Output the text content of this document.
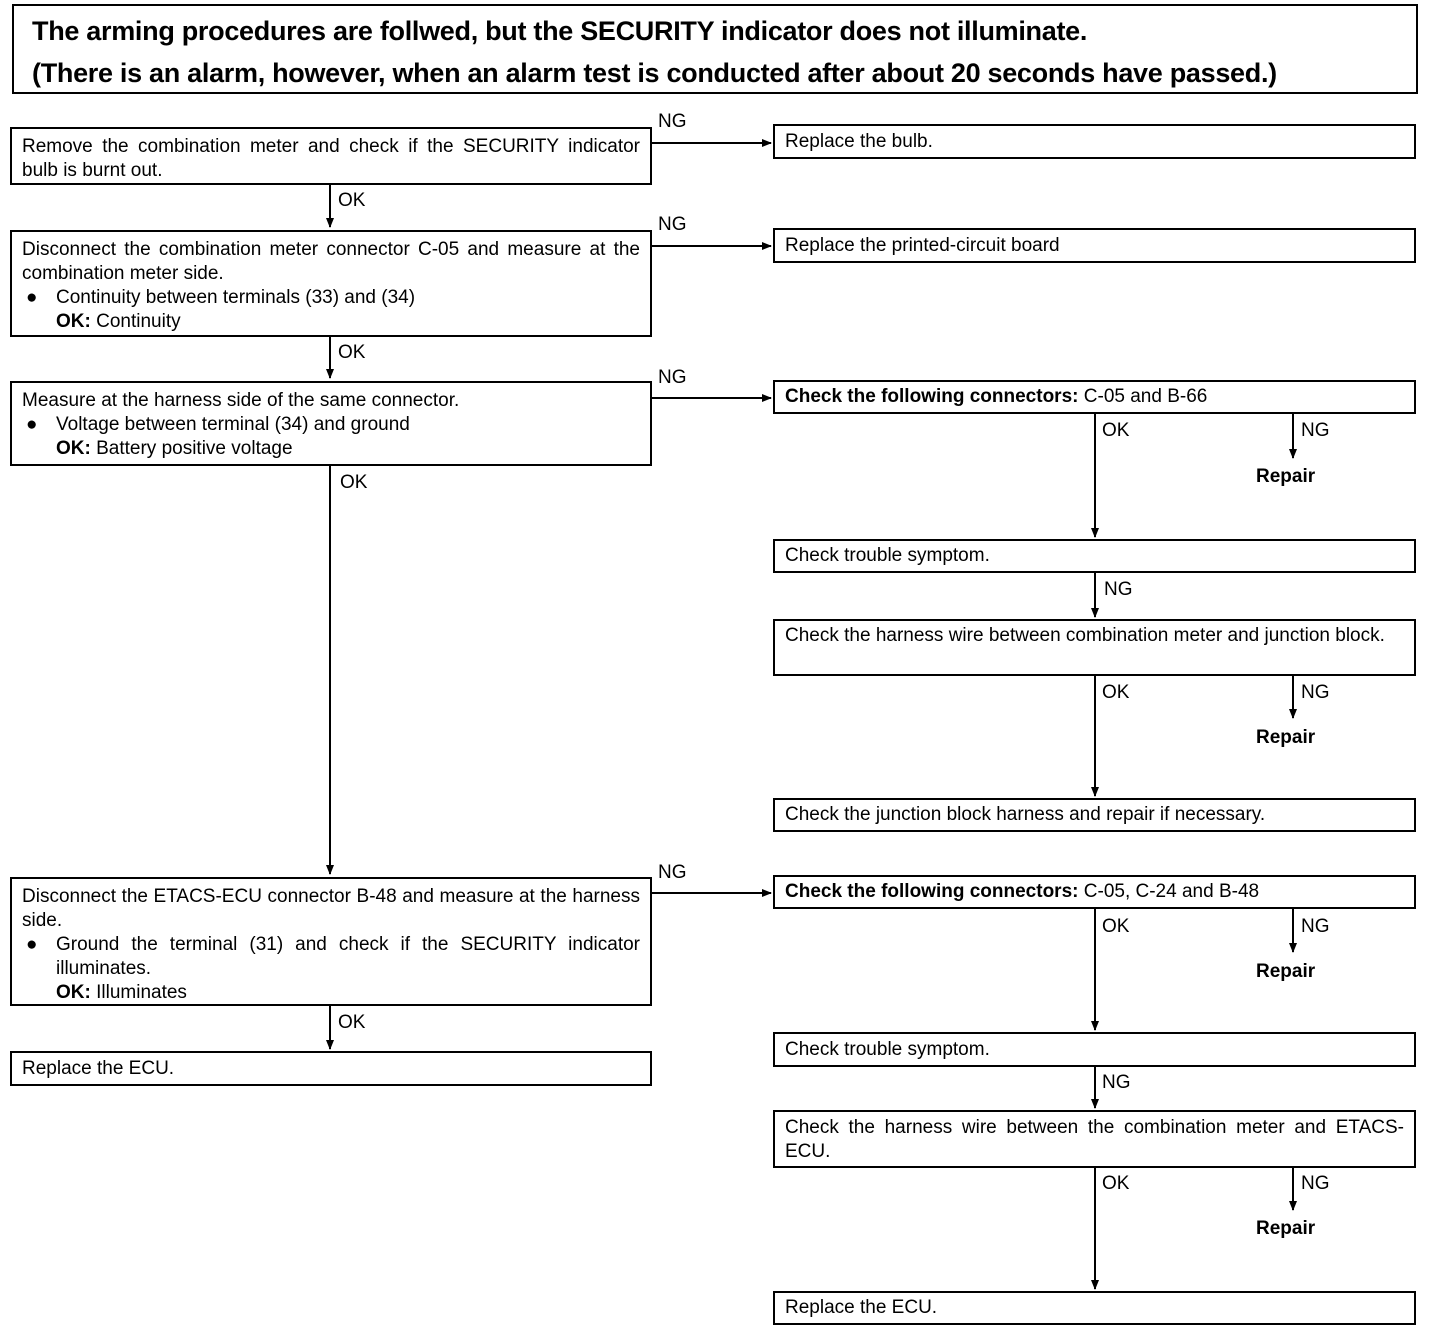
The arming procedures are follwed, but the SECURITY indicator does not illuminate.
(There is an alarm, however, when an alarm test is conducted after about 20 seconds have passed.)
Remove the combination meter and check if the SECURITY indicator bulb is burnt out.
Disconnect the combination meter connector C-05 and measure at the combination meter side.
● Continuity between terminals (33) and (34)
OK: Continuity
Measure at the harness side of the same connector.
● Voltage between terminal (34) and ground
OK: Battery positive voltage
Disconnect the ETACS-ECU connector B-48 and measure at the harness side.
● Ground the terminal (31) and check if the SECURITY indicator illuminates.
OK: Illuminates
Replace the ECU.
Replace the bulb.
Replace the printed-circuit board
Check the following connectors: C-05 and B-66
Check trouble symptom.
Check the harness wire between combination meter and junction block.
Check the junction block harness and repair if necessary.
Check the following connectors: C-05, C-24 and B-48
Check trouble symptom.
Check the harness wire between the combination meter and ETACS-ECU.
Replace the ECU.
NG
NG
NG
NG
OK
OK
OK
OK
OK	NG
Repair
NG
OK	NG
Repair
OK	NG
Repair
NG
OK	NG
Repair
